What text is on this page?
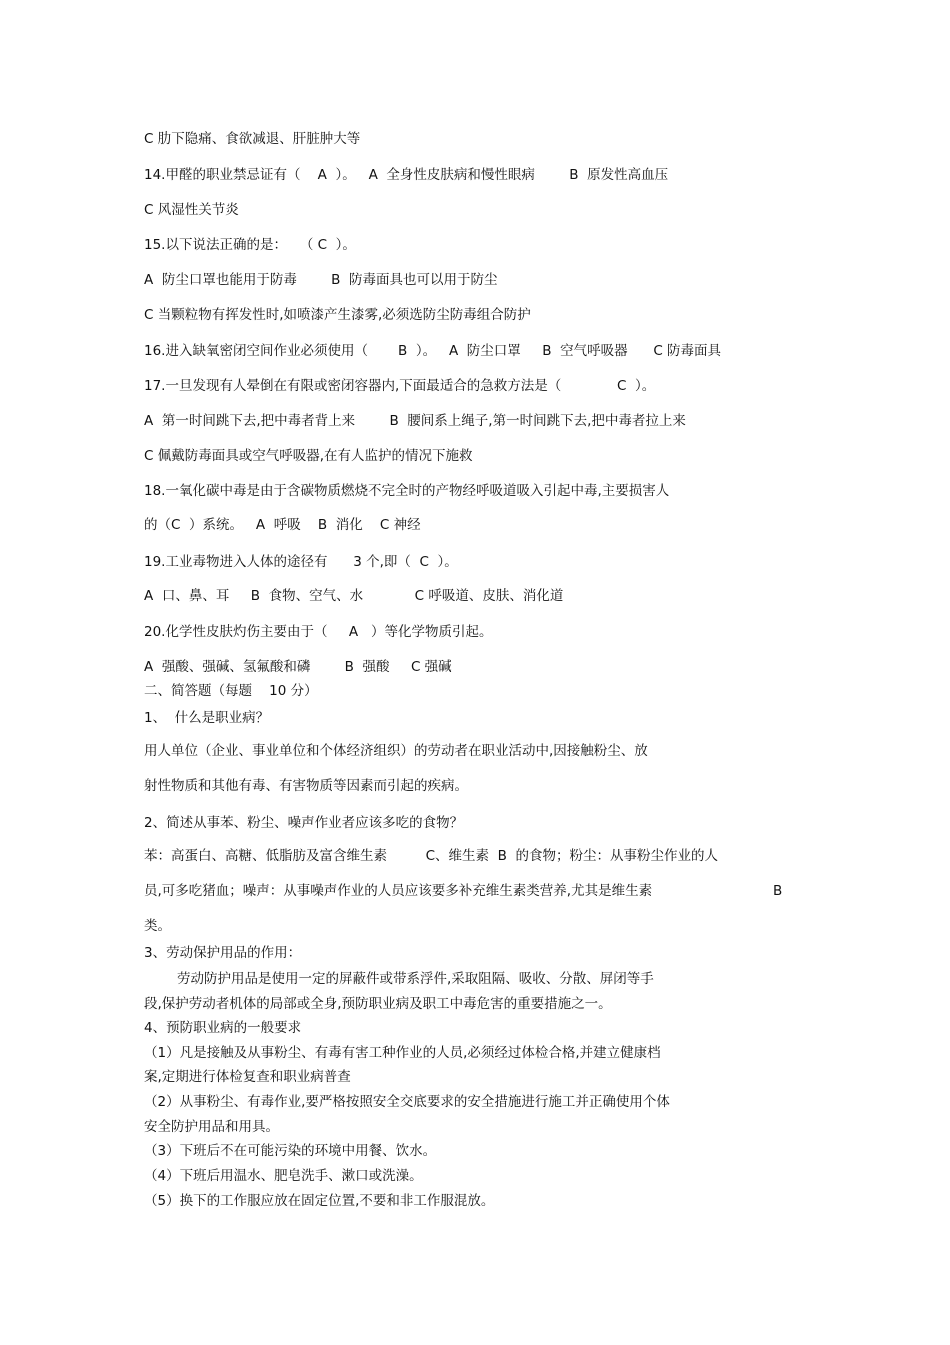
C 肋下隐痛、食欲减退、肝脏肿大等

14.甲醛的职业禁忌证有（    A  ）。   A  全身性皮肤病和慢性眼病        B  原发性高血压

C 风湿性关节炎

15.以下说法正确的是：   （ C  ）。

A  防尘口罩也能用于防毒        B  防毒面具也可以用于防尘

C 当颗粒物有挥发性时,如喷漆产生漆雾,必须选防尘防毒组合防护

16.进入缺氧密闭空间作业必须使用（       B  ）。   A  防尘口罩     B  空气呼吸器      C 防毒面具

17.一旦发现有人晕倒在有限或密闭容器内,下面最适合的急救方法是（             C  ）。

A  第一时间跳下去,把中毒者背上来        B  腰间系上绳子,第一时间跳下去,把中毒者拉上来

C 佩戴防毒面具或空气呼吸器,在有人监护的情况下施救

18.一氧化碳中毒是由于含碳物质燃烧不完全时的产物经呼吸道吸入引起中毒,主要损害人

的（C  ）系统。   A  呼吸    B  消化    C 神经

19.工业毒物进入人体的途径有      3 个,即（  C  ）。

A  口、鼻、耳     B  食物、空气、水            C 呼吸道、皮肤、消化道

20.化学性皮肤灼伤主要由于（     A   ）等化学物质引起。

A  强酸、强碱、氢氟酸和磷        B  强酸     C 强碱

二、简答题（每题    10 分）

1、  什么是职业病？

用人单位（企业、事业单位和个体经济组织）的劳动者在职业活动中,因接触粉尘、放

射性物质和其他有毒、有害物质等因素而引起的疾病。

2、简述从事苯、粉尘、噪声作业者应该多吃的食物？

苯：高蛋白、高糖、低脂肪及富含维生素         C、维生素  B  的食物；粉尘：从事粉尘作业的人

员,可多吃猪血；噪声：从事噪声作业的人员应该要多补充维生素类营养,尤其是维生素	B

类。

3、劳动保护用品的作用：

劳动防护用品是使用一定的屏蔽件或带系浮件,采取阻隔、吸收、分散、屏闭等手

段,保护劳动者机体的局部或全身,预防职业病及职工中毒危害的重要措施之一。

4、预防职业病的一般要求

（1）凡是接触及从事粉尘、有毒有害工种作业的人员,必须经过体检合格,并建立健康档

案,定期进行体检复查和职业病普查

（2）从事粉尘、有毒作业,要严格按照安全交底要求的安全措施进行施工并正确使用个体

安全防护用品和用具。

（3）下班后不在可能污染的环境中用餐、饮水。

（4）下班后用温水、肥皂洗手、漱口或洗澡。

（5）换下的工作服应放在固定位置,不要和非工作服混放。
